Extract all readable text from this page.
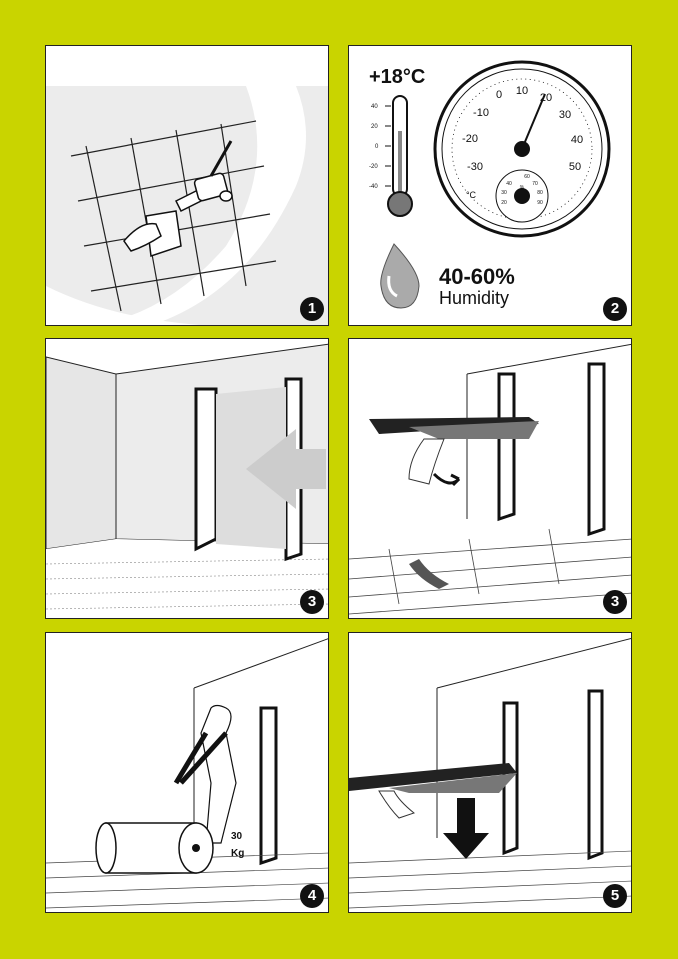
1
+18°C
40
20
0
-20
-40
-30
-20
-10
0 10
20
30
40
50
°C
20
30
40
60
70
80
90
%
40-60%
Humidity
2
3	3
30
Kg
4	5
